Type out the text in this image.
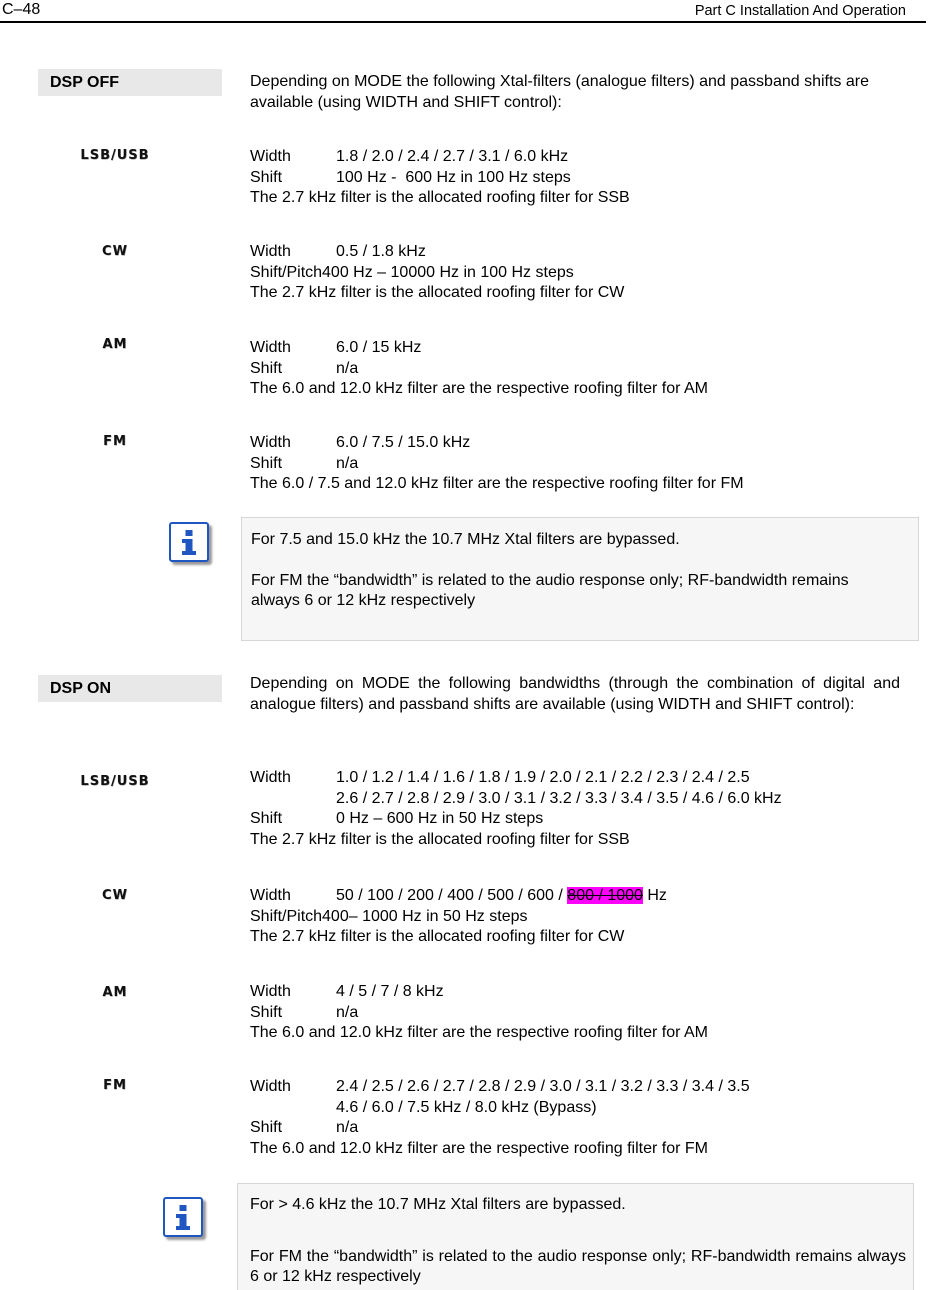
C–48	Part C Installation And Operation
DSP OFF	Depending on MODE the following Xtal-filters (analogue filters) and passband shifts are available (using WIDTH and SHIFT control):
LSB/USB	Width	1.8 / 2.0 / 2.4 / 2.7 / 3.1 / 6.0 kHz
Shift	100 Hz -  600 Hz in 100 Hz steps
The 2.7 kHz filter is the allocated roofing filter for SSB
CW	Width	0.5 / 1.8 kHz
Shift/Pitch400 Hz – 10000 Hz in 100 Hz steps
The 2.7 kHz filter is the allocated roofing filter for CW
AM	Width	6.0 / 15 kHz
Shift	n/a
The 6.0 and 12.0 kHz filter are the respective roofing filter for AM
FM	Width	6.0 / 7.5 / 15.0 kHz
Shift	n/a
The 6.0 / 7.5 and 12.0 kHz filter are the respective roofing filter for FM
For 7.5 and 15.0 kHz the 10.7 MHz Xtal filters are bypassed.
For FM the “bandwidth” is related to the audio response only; RF-bandwidth remains always 6 or 12 kHz respectively
DSP ON	Depending on MODE the following bandwidths (through the combination of digital and analogue filters) and passband shifts are available (using WIDTH and SHIFT control):
LSB/USB	Width	1.0 / 1.2 / 1.4 / 1.6 / 1.8 / 1.9 / 2.0 / 2.1 / 2.2 / 2.3 / 2.4 / 2.5
2.6 / 2.7 / 2.8 / 2.9 / 3.0 / 3.1 / 3.2 / 3.3 / 3.4 / 3.5 / 4.6 / 6.0 kHz
Shift	0 Hz – 600 Hz in 50 Hz steps
The 2.7 kHz filter is the allocated roofing filter for SSB
CW	Width	50 / 100 / 200 / 400 / 500 / 600 / 800 / 1000 Hz
Shift/Pitch400– 1000 Hz in 50 Hz steps
The 2.7 kHz filter is the allocated roofing filter for CW
AM	Width	4 / 5 / 7 / 8 kHz
Shift	n/a
The 6.0 and 12.0 kHz filter are the respective roofing filter for AM
FM	Width	2.4 / 2.5 / 2.6 / 2.7 / 2.8 / 2.9 / 3.0 / 3.1 / 3.2 / 3.3 / 3.4 / 3.5
4.6 / 6.0 / 7.5 kHz / 8.0 kHz (Bypass)
Shift	n/a
The 6.0 and 12.0 kHz filter are the respective roofing filter for FM
For > 4.6 kHz the 10.7 MHz Xtal filters are bypassed.
For FM the “bandwidth” is related to the audio response only; RF-bandwidth remains always 6 or 12 kHz respectively
